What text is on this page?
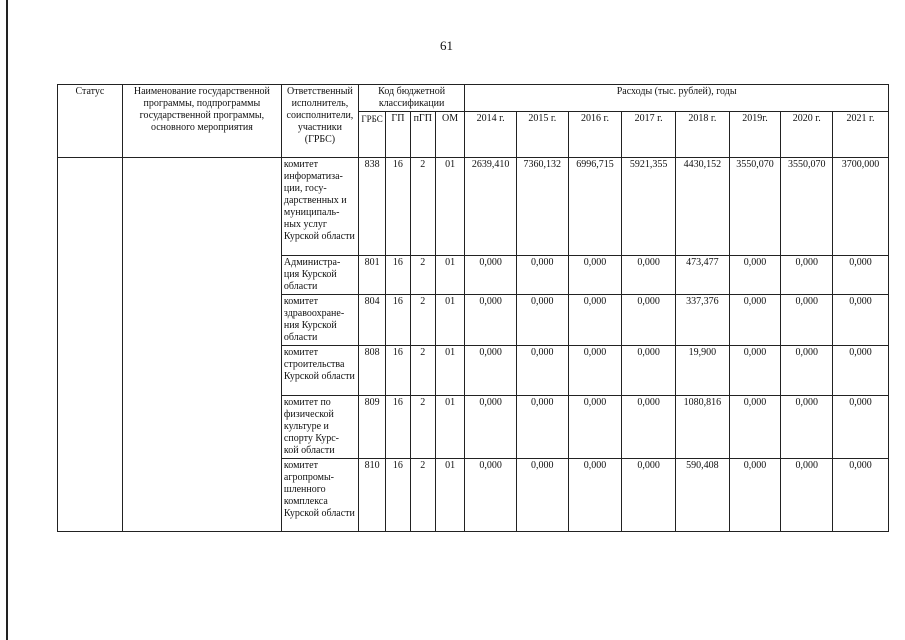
61
Статус	Наименование государственной программы, подпрограммы государственной программы, основного мероприятия	Ответственный исполнитель, соисполнители, участники (ГРБС)	Код бюджетной классификации				Расходы (тыс. рублей), годы							
			ГРБС	ГП	пГП	ОМ	2014 г.	2015 г.	2016 г.	2017 г.	2018 г.	2019г.	2020 г.	2021 г.
		комитет информатиза- ции, госу- дарственных и муниципаль- ных услуг Курской области	838	16	2	01	2639,410	7360,132	6996,715	5921,355	4430,152	3550,070	3550,070	3700,000
		Администра- ция Курской области	801	16	2	01	0,000	0,000	0,000	0,000	473,477	0,000	0,000	0,000
		комитет здравоохране- ния Курской области	804	16	2	01	0,000	0,000	0,000	0,000	337,376	0,000	0,000	0,000
		комитет строительства Курской области	808	16	2	01	0,000	0,000	0,000	0,000	19,900	0,000	0,000	0,000
		комитет по физической культуре и спорту Курс- кой области	809	16	2	01	0,000	0,000	0,000	0,000	1080,816	0,000	0,000	0,000
		комитет агропромы- шленного комплекса Курской области	810	16	2	01	0,000	0,000	0,000	0,000	590,408	0,000	0,000	0,000
